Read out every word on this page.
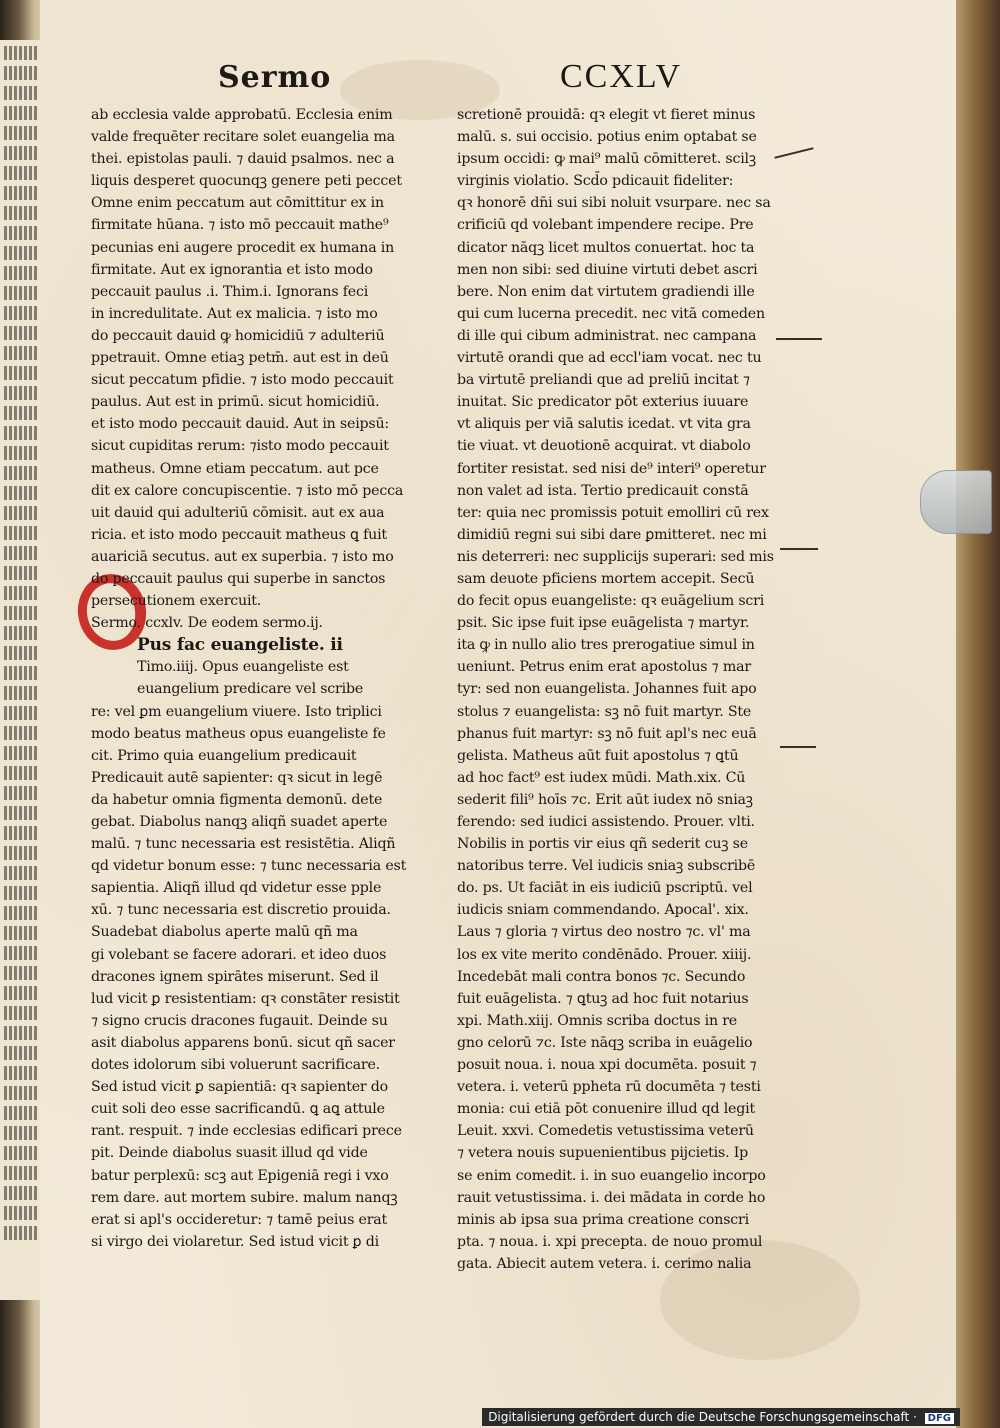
Sermo	CCXLV
ab ecclesia valde approbatū. Ecclesia enim
valde frequēter recitare solet euangelia ma
thei. epistolas pauli. ⁊ dauid psalmos. nec a
liquis desperet quocunqꝫ genere peti peccet
Omne enim peccatum aut cōmittitur ex in
firmitate hūana. ⁊ isto mō peccauit mathe⁹
pecunias eni augere procedit ex humana in
firmitate. Aut ex ignorantia et isto modo
peccauit paulus .i. Thim.i. Ignorans feci
in incredulitate. Aut ex malicia. ⁊ isto mo
do peccauit dauid ꝙ homicidiū ⁊ adulteriū
ppetrauit. Omne etiaꝫ petm̄. aut est in deū
sicut peccatum pfidie. ⁊ isto modo peccauit
paulus. Aut est in primū. sicut homicidiū.
et isto modo peccauit dauid. Aut in seipsū:
sicut cupiditas rerum: ⁊isto modo peccauit
matheus. Omne etiam peccatum. aut pce
dit ex calore concupiscentie. ⁊ isto mō pecca
uit dauid qui adulteriū cōmisit. aut ex aua
ricia. et isto modo peccauit matheus ꝗ fuit
auariciā secutus. aut ex superbia. ⁊ isto mo
do peccauit paulus qui superbe in sanctos
persecutionem exercuit.
Sermo. ccxlv. De eodem sermo.ij.
Pus fac euangeliste. ii
Timo.iiij. Opus euangeliste est
euangelium predicare vel scribe
re: vel ꝑm euangelium viuere. Isto triplici
modo beatus matheus opus euangeliste fe
cit. Primo quia euangelium predicauit
Predicauit autē sapienter: qꝛ sicut in legē
da habetur omnia figmenta demonū. dete
gebat. Diabolus nanqꝫ aliqñ suadet aperte
malū. ⁊ tunc necessaria est resistētia. Aliqñ
qd videtur bonum esse: ⁊ tunc necessaria est
sapientia. Aliqñ illud qd videtur esse pple
xū. ⁊ tunc necessaria est discretio prouida.
Suadebat diabolus aperte malū qñ ma
gi volebant se facere adorari. et ideo duos
dracones ignem spirātes miserunt. Sed il
lud vicit ꝑ resistentiam: qꝛ constāter resistit
⁊ signo crucis dracones fugauit. Deinde su
asit diabolus apparens bonū. sicut qñ sacer
dotes idolorum sibi voluerunt sacrificare.
Sed istud vicit ꝑ sapientiā: qꝛ sapienter do
cuit soli deo esse sacrificandū. ꝗ aꝗ attule
rant. respuit. ⁊ inde ecclesias edificari prece
pit. Deinde diabolus suasit illud qd vide
batur perplexū: scꝫ aut Epigeniā regi i vxo
rem dare. aut mortem subire. malum nanqꝫ
erat si apl's occideretur: ⁊ tamē peius erat
si virgo dei violaretur. Sed istud vicit ꝑ di
scretionē prouidā: qꝛ elegit vt fieret minus
malū. s. sui occisio. potius enim optabat se
ipsum occidi: ꝙ mai⁹ malū cōmitteret. scilꝫ
virginis violatio. Scd̄o pdicauit fideliter:
qꝛ honorē dn̄i sui sibi noluit vsurpare. nec sa
crificiū qd volebant impendere recipe. Pre
dicator nāqꝫ licet multos conuertat. hoc ta
men non sibi: sed diuine virtuti debet ascri
bere. Non enim dat virtutem gradiendi ille
qui cum lucerna precedit. nec vitā comeden
di ille qui cibum administrat. nec campana
virtutē orandi que ad eccl'iam vocat. nec tu
ba virtutē preliandi que ad preliū incitat ⁊
inuitat. Sic predicator pōt exterius iuuare
vt aliquis per viā salutis icedat. vt vita gra
tie viuat. vt deuotionē acquirat. vt diabolo
fortiter resistat. sed nisi de⁹ interi⁹ operetur
non valet ad ista. Tertio predicauit constā
ter: quia nec promissis potuit emolliri cū rex
dimidiū regni sui sibi dare ꝑmitteret. nec mi
nis deterreri: nec supplicijs superari: sed mis
sam deuote pficiens mortem accepit. Secū
do fecit opus euangeliste: qꝛ euāgelium scri
psit. Sic ipse fuit ipse euāgelista ⁊ martyr.
ita ꝙ in nullo alio tres prerogatiue simul in
ueniunt. Petrus enim erat apostolus ⁊ mar
tyr: sed non euangelista. Johannes fuit apo
stolus ⁊ euangelista: sꝫ nō fuit martyr. Ste
phanus fuit martyr: sꝫ nō fuit apl's nec euā
gelista. Matheus aūt fuit apostolus ⁊ ꝗtū
ad hoc fact⁹ est iudex mūdi. Math.xix. Cū
sederit fili⁹ hoīs ⁊c. Erit aūt iudex nō sniaꝫ
ferendo: sed iudici assistendo. Prouer. vlti.
Nobilis in portis vir eius qñ sederit cuꝫ se
natoribus terre. Vel iudicis sniaꝫ subscribē
do. ps. Ut faciāt in eis iudiciū pscriptū. vel
iudicis sniam commendando. Apocal'. xix.
Laus ⁊ gloria ⁊ virtus deo nostro ⁊c. vl' ma
los ex vite merito condēnādo. Prouer. xiiij.
Incedebāt mali contra bonos ⁊c. Secundo
fuit euāgelista. ⁊ ꝗtuꝫ ad hoc fuit notarius
xpi. Math.xiij. Omnis scriba doctus in re
gno celorū ⁊c. Iste nāqꝫ scriba in euāgelio
posuit noua. i. noua xpi documēta. posuit ⁊
vetera. i. veterū ppheta rū documēta ⁊ testi
monia: cui etiā pōt conuenire illud qd legit
Leuit. xxvi. Comedetis vetustissima veterū
⁊ vetera nouis supuenientibus pijcietis. Ip
se enim comedit. i. in suo euangelio incorpo
rauit vetustissima. i. dei mādata in corde ho
minis ab ipsa sua prima creatione conscri
pta. ⁊ noua. i. xpi precepta. de nouo promul
gata. Abiecit autem vetera. i. cerimo nalia
Digitalisierung gefördert durch die Deutsche Forschungsgemeinschaft · DFG
